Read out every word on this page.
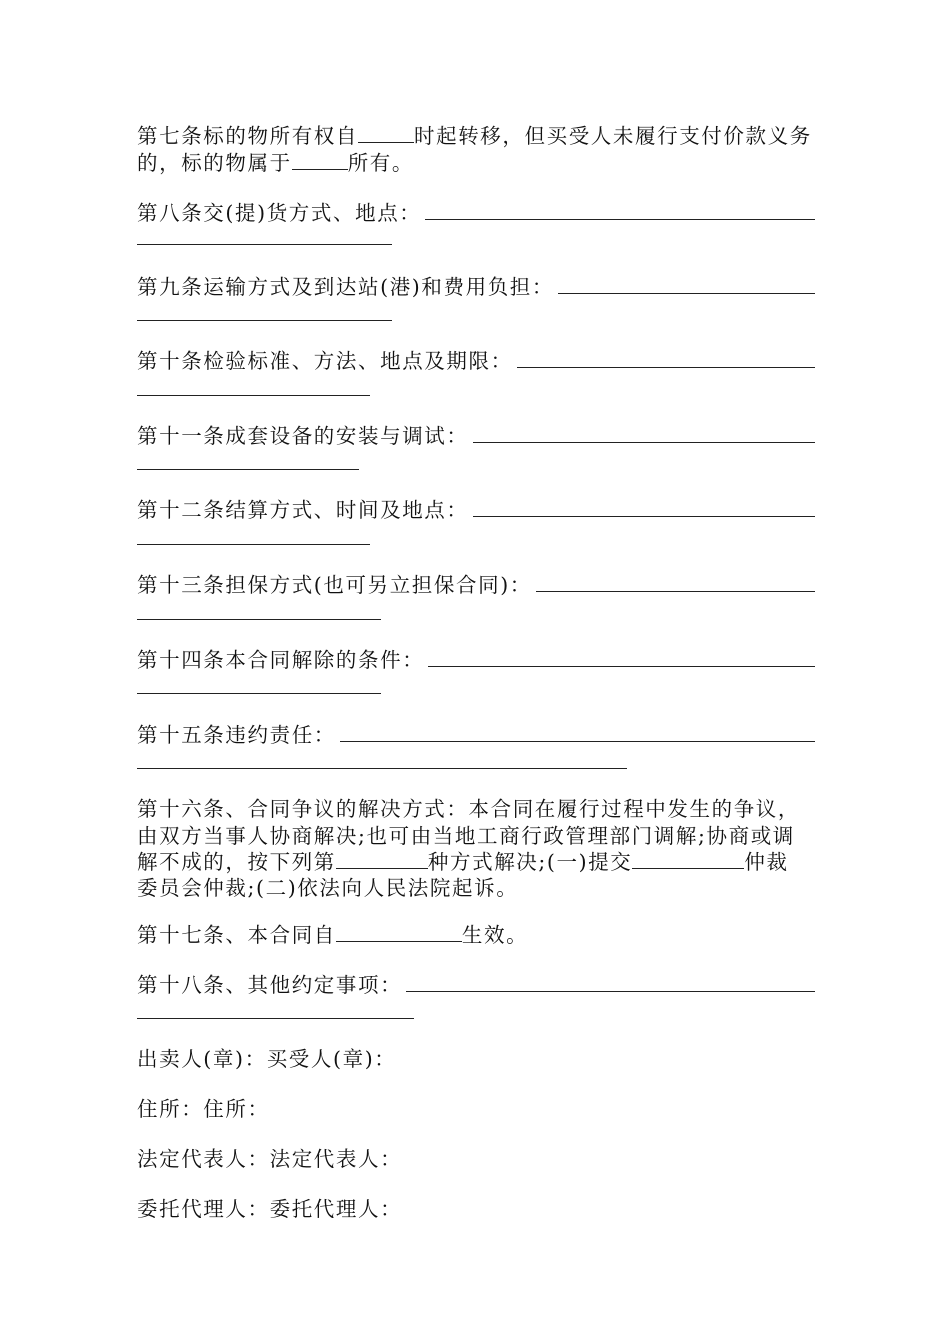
第七条标的物所有权自	时起转移，但买受人未履行支付价款义务
的，标的物属于	所有。
第八条交(提)货方式、地点：
第九条运输方式及到达站(港)和费用负担：
第十条检验标准、方法、地点及期限：
第十一条成套设备的安装与调试：
第十二条结算方式、时间及地点：
第十三条担保方式(也可另立担保合同)：
第十四条本合同解除的条件：
第十五条违约责任：
第十六条、合同争议的解决方式：本合同在履行过程中发生的争议，
由双方当事人协商解决;也可由当地工商行政管理部门调解;协商或调
解不成的，按下列第	种方式解决;(一)提交	仲裁
委员会仲裁;(二)依法向人民法院起诉。
第十七条、本合同自	生效。
第十八条、其他约定事项：
出卖人(章)：买受人(章)：
住所：住所：
法定代表人：法定代表人：
委托代理人：委托代理人：
